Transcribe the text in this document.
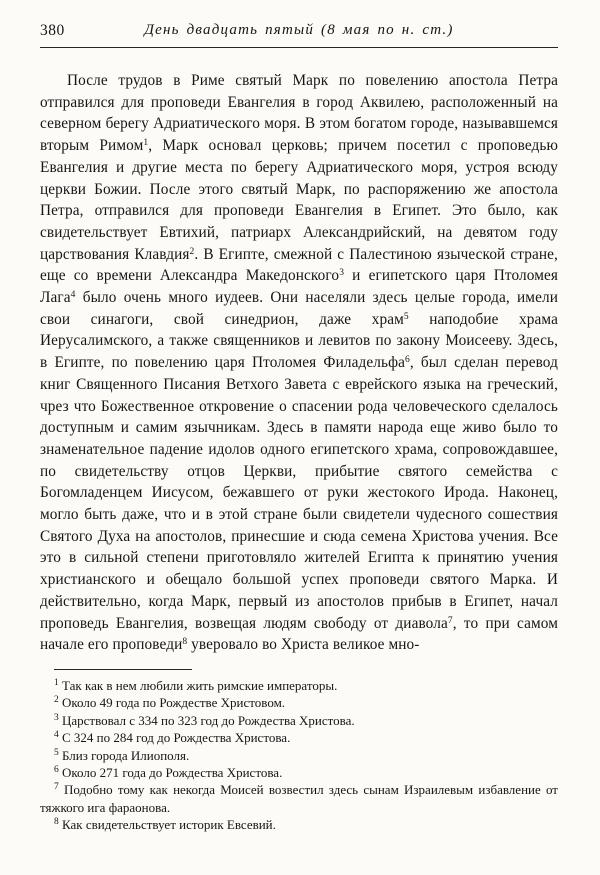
380	День двадцать пятый (8 мая по н. ст.)
После трудов в Риме святый Марк по повелению апостола Петра отправился для проповеди Евангелия в город Аквилею, расположенный на северном берегу Адриатического моря. В этом богатом городе, называвшемся вторым Римом$^1$, Марк основал церковь; причем посетил с проповедью Евангелия и другие места по берегу Адриатического моря, устроя всюду церкви Божии. После этого святый Марк, по распоряжению же апостола Петра, отправился для проповеди Евангелия в Египет. Это было, как свидетельствует Евтихий, патриарх Александрийский, на девятом году царствования Клавдия$^2$. В Египте, смежной с Палестиною языческой стране, еще со времени Александра Македонского$^3$ и египетского царя Птоломея Лага$^4$ было очень много иудеев. Они населяли здесь целые города, имели свои синагоги, свой синедрион, даже храм$^5$ наподобие храма Иерусалимского, а также священников и левитов по закону Моисееву. Здесь, в Египте, по повелению царя Птоломея Филадельфа$^6$, был сделан перевод книг Священного Писания Ветхого Завета с еврейского языка на греческий, чрез что Божественное откровение о спасении рода человеческого сделалось доступным и самим язычникам. Здесь в памяти народа еще живо было то знаменательное падение идолов одного египетского храма, сопровождавшее, по свидетельству отцов Церкви, прибытие святого семейства с Богомладенцем Иисусом, бежавшего от руки жестокого Ирода. Наконец, могло быть даже, что и в этой стране были свидетели чудесного сошествия Святого Духа на апостолов, принесшие и сюда семена Христова учения. Все это в сильной степени приготовляло жителей Египта к принятию учения христианского и обещало большой успех проповеди святого Марка. И действительно, когда Марк, первый из апостолов прибыв в Египет, начал проповедь Евангелия, возвещая людям свободу от диавола$^7$, то при самом начале его проповеди$^8$ уверовало во Христа великое мно-
$^1$ Так как в нем любили жить римские императоры.
$^2$ Около 49 года по Рождестве Христовом.
$^3$ Царствовал с 334 по 323 год до Рождества Христова.
$^4$ С 324 по 284 год до Рождества Христова.
$^5$ Близ города Илиополя.
$^6$ Около 271 года до Рождества Христова.
$^7$ Подобно тому как некогда Моисей возвестил здесь сынам Израилевым избавление от тяжкого ига фараонова.
$^8$ Как свидетельствует историк Евсевий.
